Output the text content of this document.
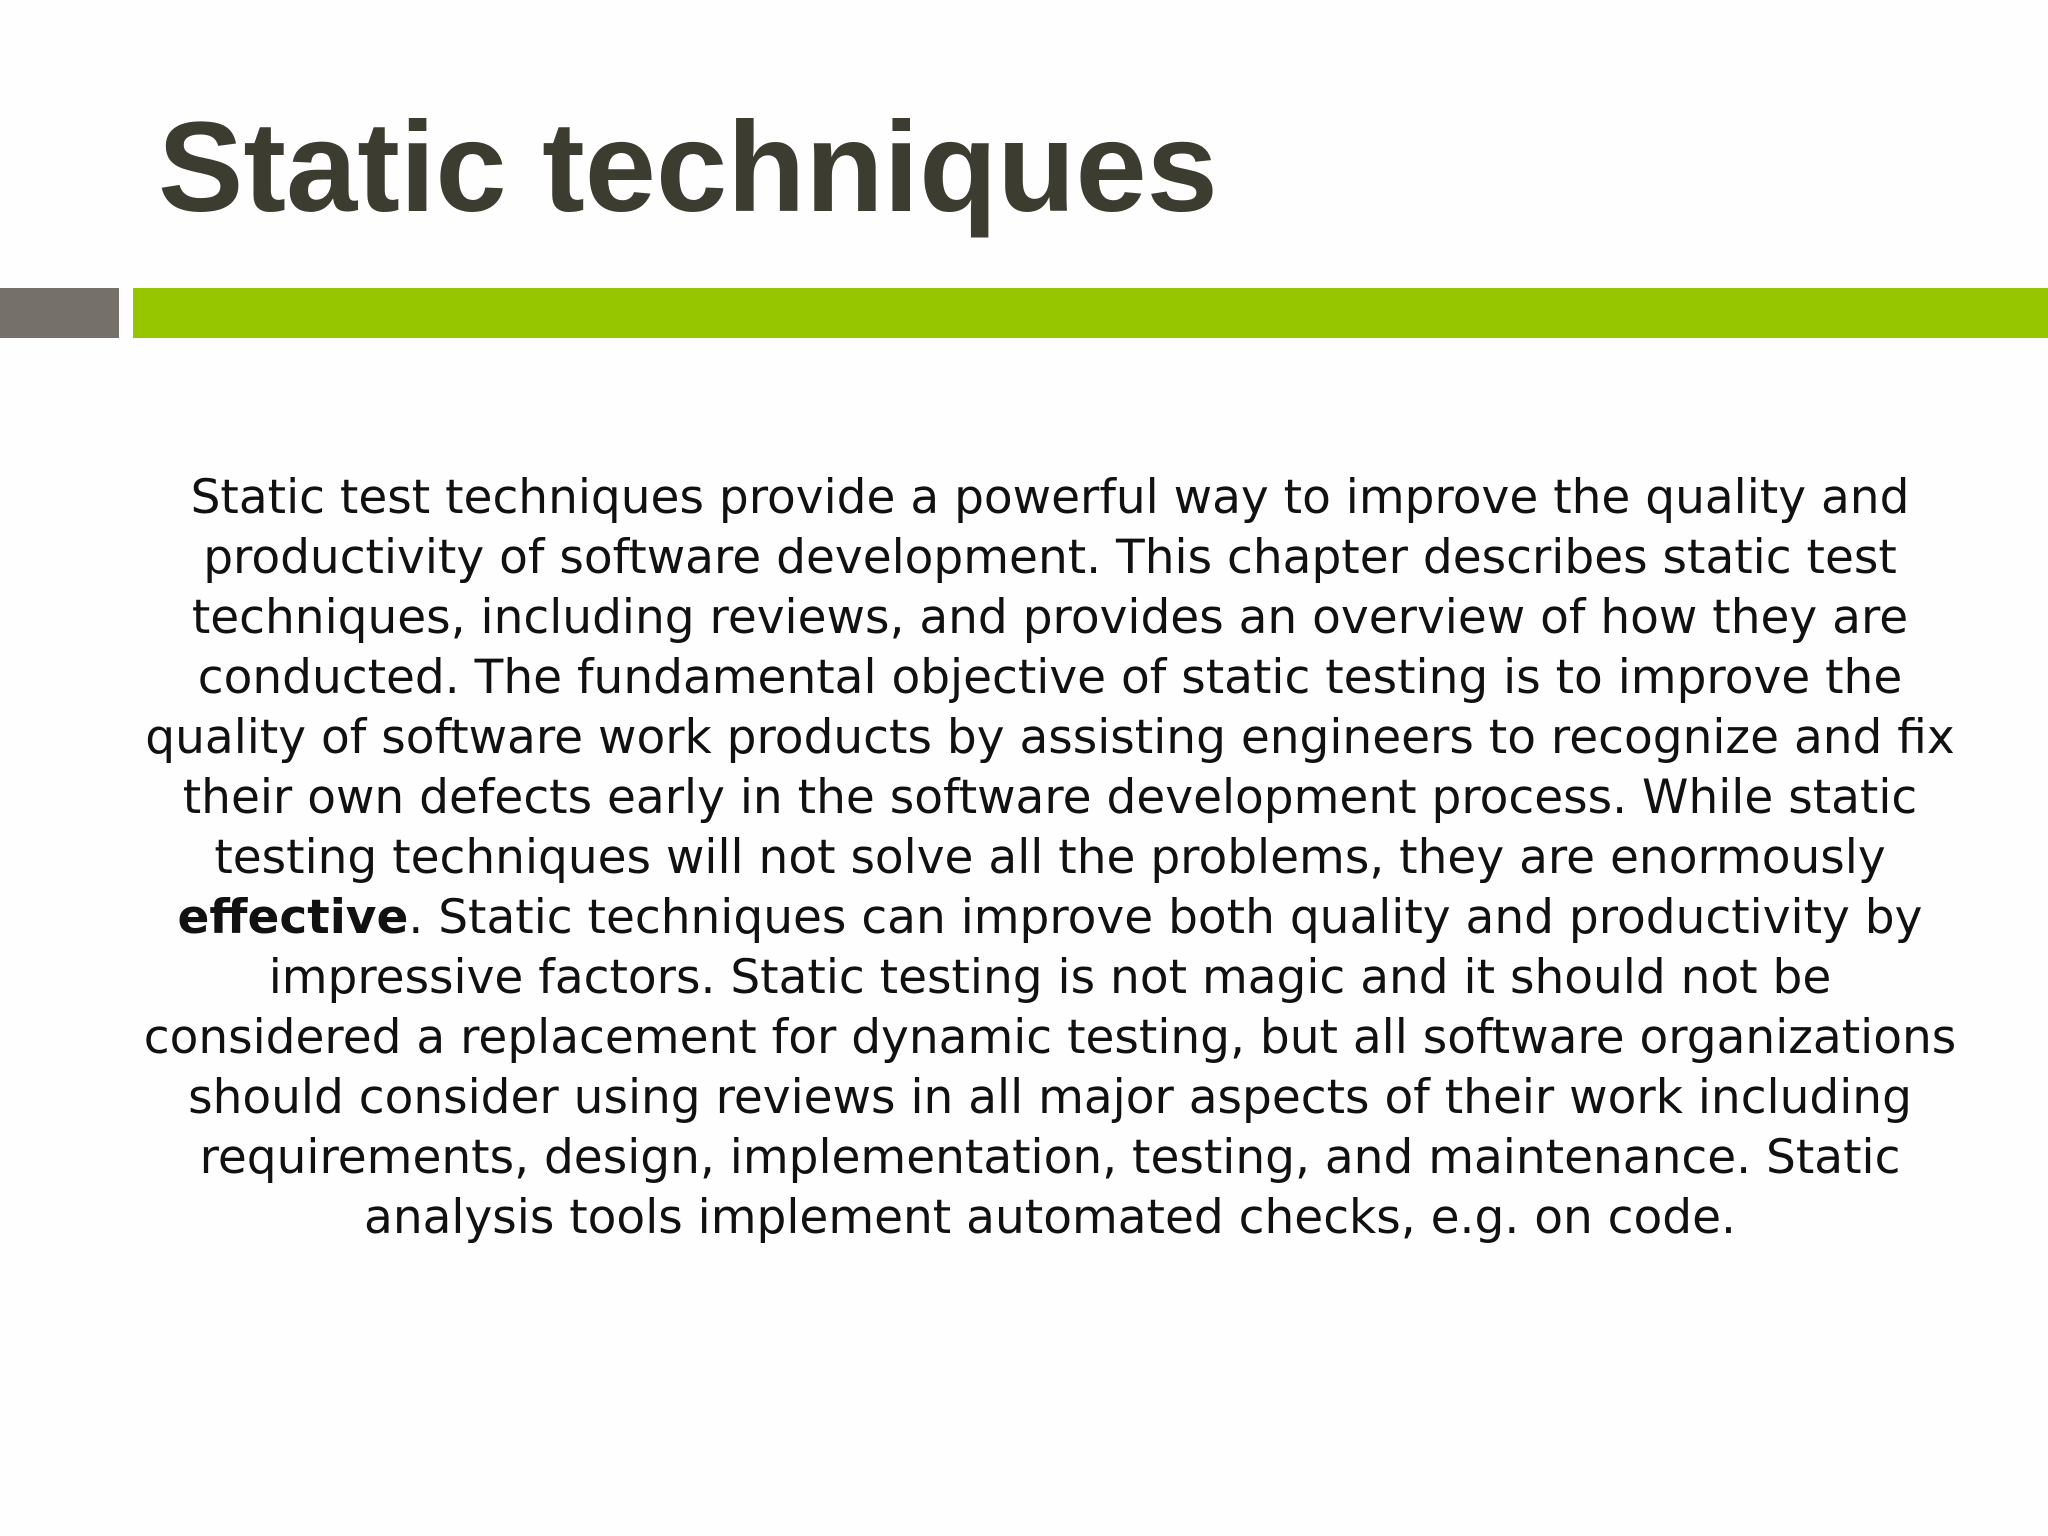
Static techniques

Static test techniques provide a powerful way to improve the quality and productivity of software development. This chapter describes static test techniques, including reviews, and provides an overview of how they are conducted. The fundamental objective of static testing is to improve the quality of software work products by assisting engineers to recognize and fix their own defects early in the software development process. While static testing techniques will not solve all the problems, they are enormously effective. Static techniques can improve both quality and productivity by impressive factors. Static testing is not magic and it should not be considered a replacement for dynamic testing, but all software organizations should consider using reviews in all major aspects of their work including requirements, design, implementation, testing, and maintenance. Static analysis tools implement automated checks, e.g. on code.
